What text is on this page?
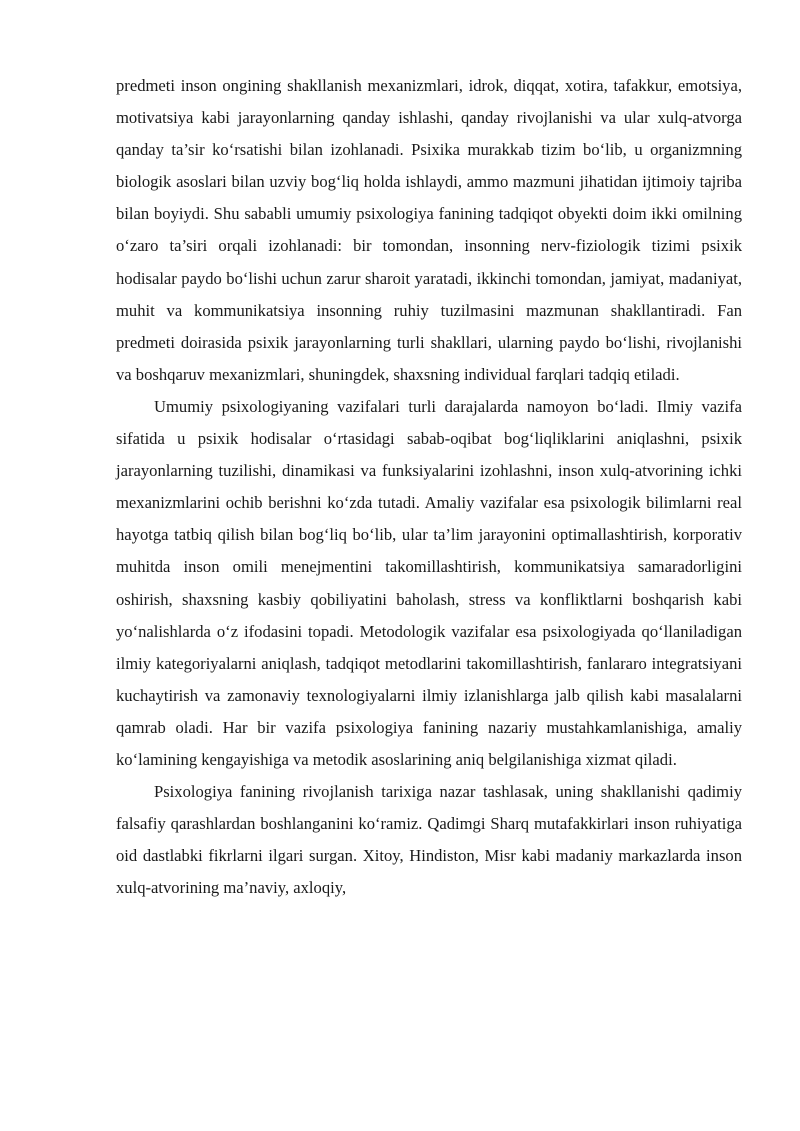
predmeti inson ongining shakllanish mexanizmlari, idrok, diqqat, xotira, tafakkur, emotsiya, motivatsiya kabi jarayonlarning qanday ishlashi, qanday rivojlanishi va ular xulq-atvorga qanday ta’sir ko‘rsatishi bilan izohlanadi. Psixika murakkab tizim bo‘lib, u organizmning biologik asoslari bilan uzviy bog‘liq holda ishlaydi, ammo mazmuni jihatidan ijtimoiy tajriba bilan boyiydi. Shu sababli umumiy psixologiya fanining tadqiqot obyekti doim ikki omilning o‘zaro ta’siri orqali izohlanadi: bir tomondan, insonning nerv-fiziologik tizimi psixik hodisalar paydo bo‘lishi uchun zarur sharoit yaratadi, ikkinchi tomondan, jamiyat, madaniyat, muhit va kommunikatsiya insonning ruhiy tuzilmasini mazmunan shakllantiradi. Fan predmeti doirasida psixik jarayonlarning turli shakllari, ularning paydo bo‘lishi, rivojlanishi va boshqaruv mexanizmlari, shuningdek, shaxsning individual farqlari tadqiq etiladi.

Umumiy psixologiyaning vazifalari turli darajalarda namoyon bo‘ladi. Ilmiy vazifa sifatida u psixik hodisalar o‘rtasidagi sabab-oqibat bog‘liqliklarini aniqlashni, psixik jarayonlarning tuzilishi, dinamikasi va funksiyalarini izohlashni, inson xulq-atvorining ichki mexanizmlarini ochib berishni ko‘zda tutadi. Amaliy vazifalar esa psixologik bilimlarni real hayotga tatbiq qilish bilan bog‘liq bo‘lib, ular ta’lim jarayonini optimallashtirish, korporativ muhitda inson omili menejmentini takomillashtirish, kommunikatsiya samaradorligini oshirish, shaxsning kasbiy qobiliyatini baholash, stress va konfliktlarni boshqarish kabi yo‘nalishlarda o‘z ifodasini topadi. Metodologik vazifalar esa psixologiyada qo‘llaniladigan ilmiy kategoriyalarni aniqlash, tadqiqot metodlarini takomillashtirish, fanlararo integratsiyani kuchaytirish va zamonaviy texnologiyalarni ilmiy izlanishlarga jalb qilish kabi masalalarni qamrab oladi. Har bir vazifa psixologiya fanining nazariy mustahkamlanishiga, amaliy ko‘lamining kengayishiga va metodik asoslarining aniq belgilanishiga xizmat qiladi.

Psixologiya fanining rivojlanish tarixiga nazar tashlasak, uning shakllanishi qadimiy falsafiy qarashlardan boshlanganini ko‘ramiz. Qadimgi Sharq mutafakkirlari inson ruhiyatiga oid dastlabki fikrlarni ilgari surgan. Xitoy, Hindiston, Misr kabi madaniy markazlarda inson xulq-atvorining ma’naviy, axloqiy,
